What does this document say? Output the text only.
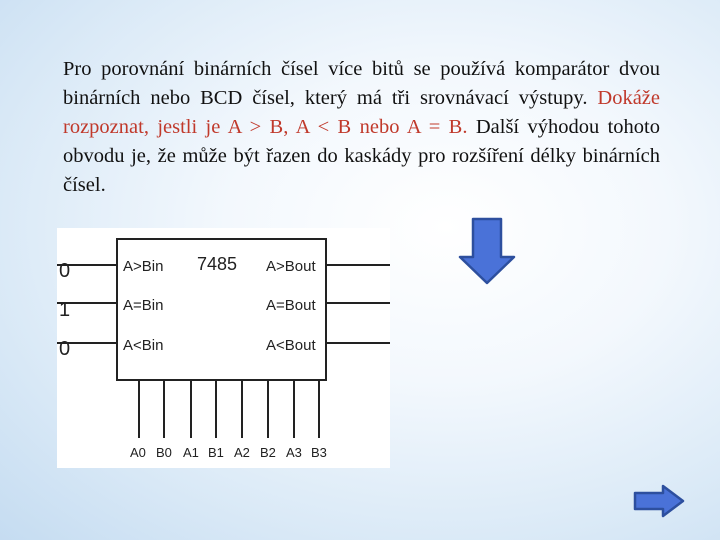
Pro porovnání binárních čísel více bitů se používá komparátor dvou binárních nebo BCD čísel, který má tři srovnávací výstupy. Dokáže rozpoznat, jestli je A > B, A < B nebo A = B. Další výhodou tohoto obvodu je, že může být řazen do kaskády pro rozšíření délky binárních čísel.
7485
0
1
0
A>Bin
A=Bin
A<Bin
A>Bout
A=Bout
A<Bout
A0 B0 A1 B1 A2 B2 A3 B3
